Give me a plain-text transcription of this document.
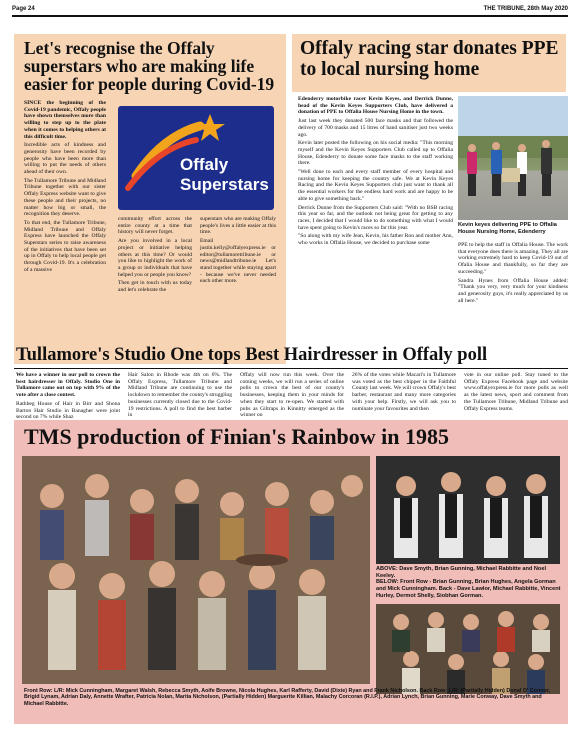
Page 24	THE TRIBUNE, 28th May 2020
Let's recognise the Offaly superstars who are making life easier for people during Covid-19

SINCE the beginning of the Covid-19 pandemic, Offaly people have shown themselves more than willing to step up to the plate when it comes to helping others at this difficult time.

Incredible acts of kindness and generosity have been recorded by people who have been more than willing to put the needs of others ahead of their own.

The Tullamore Tribune and Midland Tribune together with our sister Offaly Express website want to give these people and their projects, no matter how big or small, the recognition they deserve.

To that end, the Tullamore Tribune, Midland Tribune and Offaly Express have launched the Offaly Superstars series to raise awareness of the initiatives that have been set up in Offaly to help local people get through Covid-19. It's a celebration of a massive

Offaly
Superstars

community effort across the entire county at a time that history will never forget.

Are you involved in a local project or initiative helping others at this time? Or would you like to highlight the work of a group or individuals that have helped you or people you know?

Then get in touch with us today and let's celebrate the

superstars who are making Offaly people's lives a little easier at this time.

Email justin.kelly@offalyexpress.ie or editor@tullamoretribune.ie or news@midlandtribune.ie Let's stand together while staying apart - because we've never needed each other more.

Offaly racing star donates PPE to local nursing home

Edenderry motorbike racer Kevin Keyes, and Derrick Dunne, head of the Kevin Keyes Supporters Club, have delivered a donation of PPE to Offalia House Nursing Home in the town.

Just last week they donated 500 face masks and that followed the delivery of 700 masks and 15 litres of hand sanitiser just two weeks ago.

Kevin later posted the following on his social media: "This morning myself and the Kevin Keyes Supporters Club called up to Offalia House, Edenderry to donate some face masks to the staff working there.

"Well done to each and every staff member of every hospital and nursing home for keeping the country safe. We at Kevin Keyes Racing and the Kevin Keyes Supporters club just want to thank all the essential workers for the endless hard work and are happy to be able to give something back."

Derrick Dunne from the Supporters Club said: "With no BSB racing this year so far, and the outlook not being great for getting to any races, I decided that I would like to do something with what I would have spent going to Kevin's races so far this year.

"So along with my wife Jean, Kevin, his father Ron and mother Ann, who works in Offalia House, we decided to purchase some

Kevin keyes delivering PPE to Offalia House Nursing Home, Edenderry

PPE to help the staff in Offalia House. The work that everyone does there is amazing. They all are working extremely hard to keep Covid-19 out of Ofalia House and thankfully, so far they are succeeding."

Sandra Hynes from Offalia House added: "Thank you very, very much for your kindness and generosity guys, it's really appreciated by us all here."

Tullamore's Studio One tops Best Hairdresser in Offaly poll

We have a winner in our poll to crown the best hairdresser in Offaly. Studio One in Tullamore came out on top with 9% of the vote after a close contest.

Rathbeg House of Hair in Birr and Shona Barton Hair Studio in Banagher were joint second on 7% while Shaz

Hair Salon in Rhode was 4th on 6%. The Offaly Express, Tullamore Tribune and Midland Tribune are continuing to use the lockdown to remember the county's struggling businesses currently closed due to the Covid-19 restrictions. A poll to find the best barber in

Offaly will now run this week. Over the coming weeks, we will run a series of online polls to crown the best of our county's businesses, keeping them in your minds for when they start to re-open. We started with pubs as Giltraps in Kinnitty emerged as the winner on

26% of the votes while Macari's in Tullamore was voted as the best chipper in the Faithful County last week. We will crown Offaly's best barber, restaurant and many more categories with your help. Firstly, we will ask you to nominate your favourites and then

vote in our online poll. Stay tuned to the Offaly Express Facebook page and website www.offalyexpress.ie for more polls as well as the latest news, sport and comment from the Tullamore Tribune, Midland Tribune and Offaly Express teams.

TMS production of Finian's Rainbow in 1985
ABOVE: Dave Smyth, Brian Gunning, Michael Rabbitte and Noel Keeley.
BELOW: Front Row - Brian Gunning, Brian Hughes, Angela Gorman and Mick Cunningham. Back - Dave Lawlor, Michael Rabbitte, Vincent Hurley, Dermot Shelly, Siobhan Gorman.
Front Row: L/R: Mick Cunningham, Margaret Walsh, Rebecca Smyth, Aoife Browne, Nicola Hughes, Karl Rafferty, David (Dixie) Ryan and Frank Nicholson. Back Row: L/R: (Partially Hidden) Donal O' Connor, Brigid Lynam, Adrian Daly, Annette Wrafter, Patricia Nolan, Marita Nicholson, (Partially Hidden) Marguerite Killian, Malachy Corcoran (R.I.P.), Adrian Lynch, Brian Gunning, Marie Conway, Dave Smyth and Michael Rabbitte.
